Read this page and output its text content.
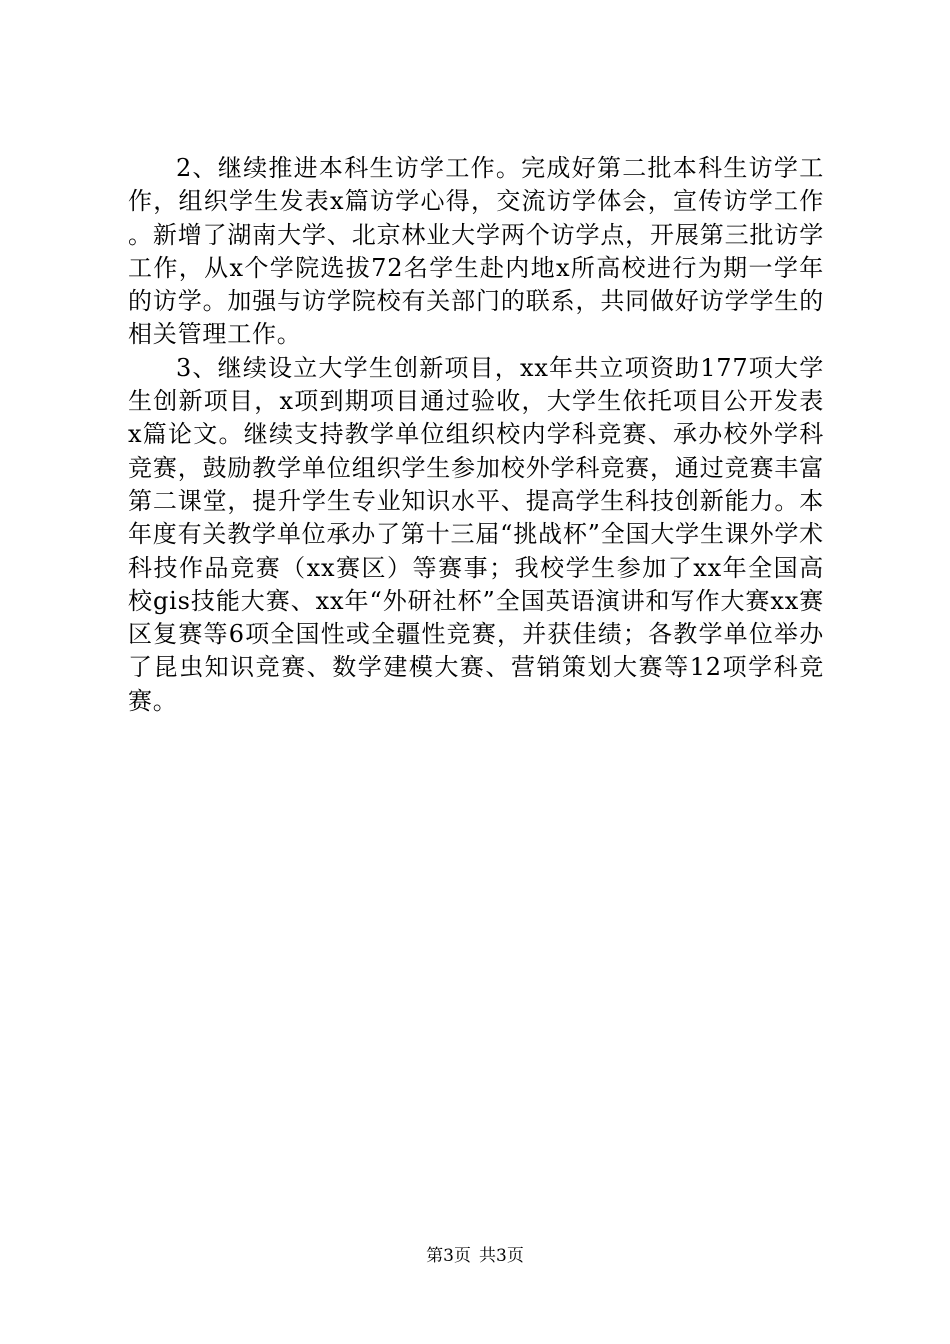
2、继续推进本科生访学工作。完成好第二批本科生访学工作，组织学生发表x篇访学心得，交流访学体会，宣传访学工作。新增了湖南大学、北京林业大学两个访学点，开展第三批访学工作，从x个学院选拔72名学生赴内地x所高校进行为期一学年的访学。加强与访学院校有关部门的联系，共同做好访学学生的相关管理工作。

3、继续设立大学生创新项目，xx年共立项资助177项大学生创新项目，x项到期项目通过验收，大学生依托项目公开发表x篇论文。继续支持教学单位组织校内学科竞赛、承办校外学科竞赛，鼓励教学单位组织学生参加校外学科竞赛，通过竞赛丰富第二课堂，提升学生专业知识水平、提高学生科技创新能力。本年度有关教学单位承办了第十三届“挑战杯”全国大学生课外学术科技作品竞赛（xx赛区）等赛事；我校学生参加了xx年全国高校gis技能大赛、xx年“外研社杯”全国英语演讲和写作大赛xx赛区复赛等6项全国性或全疆性竞赛，并获佳绩；各教学单位举办了昆虫知识竞赛、数学建模大赛、营销策划大赛等12项学科竞赛。

第3页 共3页
